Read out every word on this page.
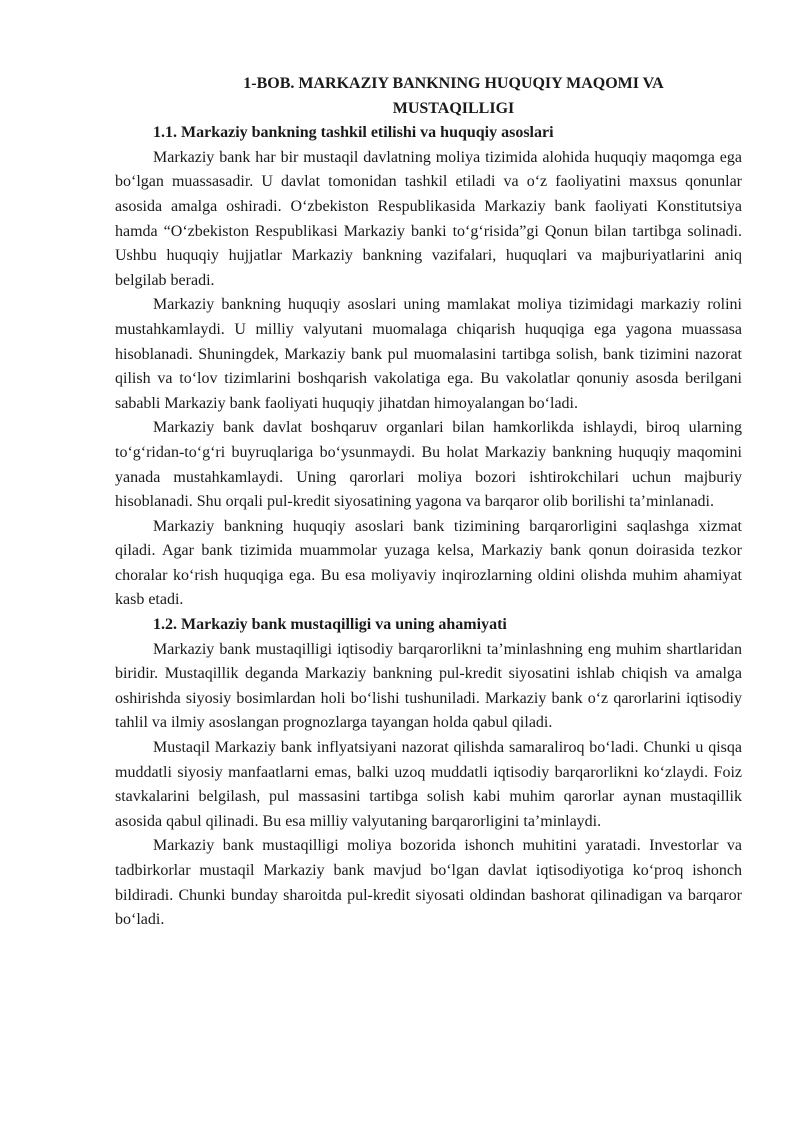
1-BOB. MARKAZIY BANKNING HUQUQIY MAQOMI VA
MUSTAQILLIGI
1.1. Markaziy bankning tashkil etilishi va huquqiy asoslari

Markaziy bank har bir mustaqil davlatning moliya tizimida alohida huquqiy maqomga ega bo‘lgan muassasadir. U davlat tomonidan tashkil etiladi va o‘z faoliyatini maxsus qonunlar asosida amalga oshiradi. O‘zbekiston Respublikasida Markaziy bank faoliyati Konstitutsiya hamda “O‘zbekiston Respublikasi Markaziy banki to‘g‘risida”gi Qonun bilan tartibga solinadi. Ushbu huquqiy hujjatlar Markaziy bankning vazifalari, huquqlari va majburiyatlarini aniq belgilab beradi.

Markaziy bankning huquqiy asoslari uning mamlakat moliya tizimidagi markaziy rolini mustahkamlaydi. U milliy valyutani muomalaga chiqarish huquqiga ega yagona muassasa hisoblanadi. Shuningdek, Markaziy bank pul muomalasini tartibga solish, bank tizimini nazorat qilish va to‘lov tizimlarini boshqarish vakolatiga ega. Bu vakolatlar qonuniy asosda berilgani sababli Markaziy bank faoliyati huquqiy jihatdan himoyalangan bo‘ladi.

Markaziy bank davlat boshqaruv organlari bilan hamkorlikda ishlaydi, biroq ularning to‘g‘ridan-to‘g‘ri buyruqlariga bo‘ysunmaydi. Bu holat Markaziy bankning huquqiy maqomini yanada mustahkamlaydi. Uning qarorlari moliya bozori ishtirokchilari uchun majburiy hisoblanadi. Shu orqali pul-kredit siyosatining yagona va barqaror olib borilishi ta’minlanadi.

Markaziy bankning huquqiy asoslari bank tizimining barqarorligini saqlashga xizmat qiladi. Agar bank tizimida muammolar yuzaga kelsa, Markaziy bank qonun doirasida tezkor choralar ko‘rish huquqiga ega. Bu esa moliyaviy inqirozlarning oldini olishda muhim ahamiyat kasb etadi.

1.2. Markaziy bank mustaqilligi va uning ahamiyati

Markaziy bank mustaqilligi iqtisodiy barqarorlikni ta’minlashning eng muhim shartlaridan biridir. Mustaqillik deganda Markaziy bankning pul-kredit siyosatini ishlab chiqish va amalga oshirishda siyosiy bosimlardan holi bo‘lishi tushuniladi. Markaziy bank o‘z qarorlarini iqtisodiy tahlil va ilmiy asoslangan prognozlarga tayangan holda qabul qiladi.

Mustaqil Markaziy bank inflyatsiyani nazorat qilishda samaraliroq bo‘ladi. Chunki u qisqa muddatli siyosiy manfaatlarni emas, balki uzoq muddatli iqtisodiy barqarorlikni ko‘zlaydi. Foiz stavkalarini belgilash, pul massasini tartibga solish kabi muhim qarorlar aynan mustaqillik asosida qabul qilinadi. Bu esa milliy valyutaning barqarorligini ta’minlaydi.

Markaziy bank mustaqilligi moliya bozorida ishonch muhitini yaratadi. Investorlar va tadbirkorlar mustaqil Markaziy bank mavjud bo‘lgan davlat iqtisodiyotiga ko‘proq ishonch bildiradi. Chunki bunday sharoitda pul-kredit siyosati oldindan bashorat qilinadigan va barqaror bo‘ladi.
